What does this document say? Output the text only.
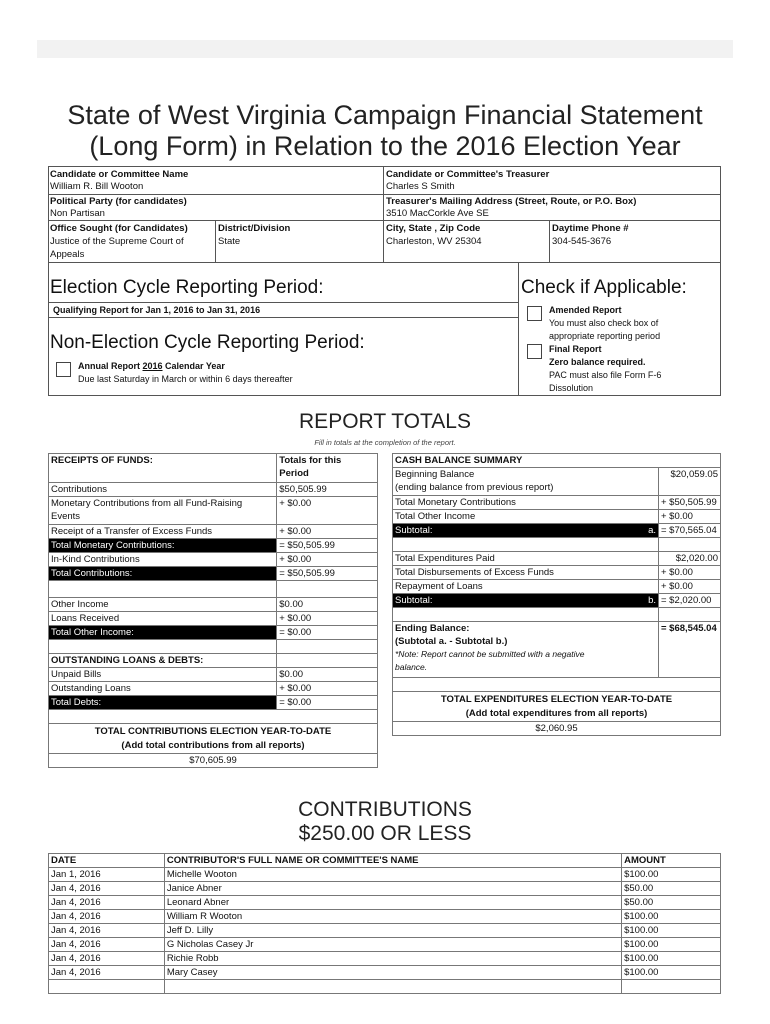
State of West Virginia Campaign Financial Statement
(Long Form) in Relation to the 2016 Election Year
Candidate or Committee Name
William R. Bill Wooton
Candidate or Committee's Treasurer
Charles S Smith
Political Party (for candidates)
Non Partisan
Treasurer's Mailing Address (Street, Route, or P.O. Box)
3510 MacCorkle Ave SE
Office Sought (for Candidates)
Justice of the Supreme Court of
Appeals
District/Division
State
City, State , Zip Code
Charleston, WV 25304
Daytime Phone #
304-545-3676
Election Cycle Reporting Period:
Qualifying Report for Jan 1, 2016 to Jan 31, 2016
Non-Election Cycle Reporting Period:
Annual Report 2016 Calendar Year
Due last Saturday in March or within 6 days thereafter
Check if Applicable:
Amended Report
You must also check box of
appropriate reporting period
Final Report
Zero balance required.
PAC must also file Form F-6
Dissolution
REPORT TOTALS
Fill in totals at the completion of the report.
RECEIPTS OF FUNDS:	Totals for this
Period
Contributions	$50,505.99
Monetary Contributions from all Fund-Raising
Events	+ $0.00
Receipt of a Transfer of Excess Funds	+ $0.00
Total Monetary Contributions:	= $50,505.99
In-Kind Contributions	+ $0.00
Total Contributions:	= $50,505.99

Other Income	$0.00
Loans Received	+ $0.00
Total Other Income:	= $0.00

OUTSTANDING LOANS & DEBTS:	
Unpaid Bills	$0.00
Outstanding Loans	+ $0.00
Total Debts:	= $0.00

TOTAL CONTRIBUTIONS ELECTION YEAR-TO-DATE
(Add total contributions from all reports)	
$70,605.99	
CASH BALANCE SUMMARY	
Beginning Balance
(ending balance from previous report)	$20,059.05
Total Monetary Contributions	+ $50,505.99
Total Other Income	+ $0.00
Subtotal: a.	= $70,565.04

Total Expenditures Paid	$2,020.00
Total Disbursements of Excess Funds	+ $0.00
Repayment of Loans	+ $0.00
Subtotal: b.	= $2,020.00

Ending Balance:
(Subtotal a. - Subtotal b.)
*Note: Report cannot be submitted with a negative
balance.	= $68,545.04

TOTAL EXPENDITURES ELECTION YEAR-TO-DATE
(Add total expenditures from all reports)	
$2,060.95	
CONTRIBUTIONS
$250.00 OR LESS
DATE	CONTRIBUTOR'S FULL NAME OR COMMITTEE'S NAME	AMOUNT
Jan 1, 2016	Michelle Wooton	$100.00
Jan 4, 2016	Janice Abner	$50.00
Jan 4, 2016	Leonard Abner	$50.00
Jan 4, 2016	William R Wooton	$100.00
Jan 4, 2016	Jeff D. Lilly	$100.00
Jan 4, 2016	G Nicholas Casey Jr	$100.00
Jan 4, 2016	Richie Robb	$100.00
Jan 4, 2016	Mary Casey	$100.00
